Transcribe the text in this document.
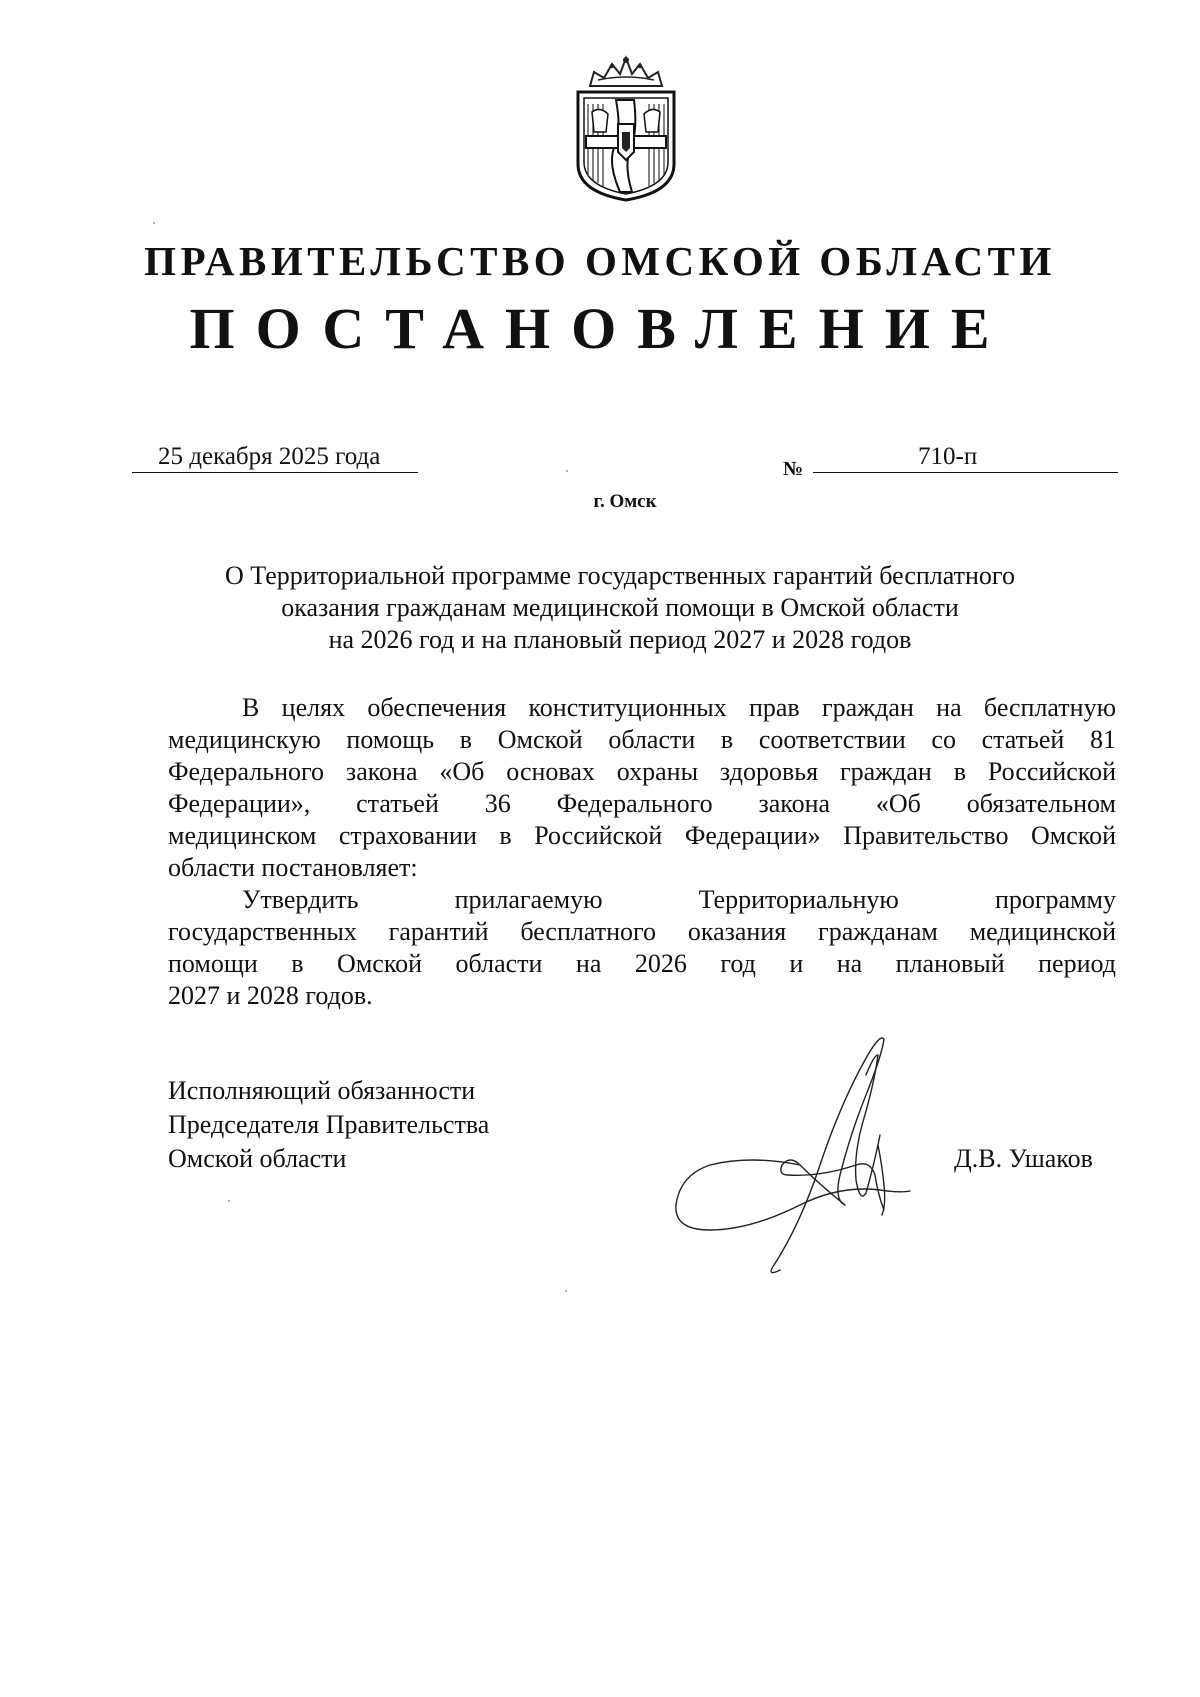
ПРАВИТЕЛЬСТВО ОМСКОЙ ОБЛАСТИ
ПОСТАНОВЛЕНИЕ
25 декабря 2025 года	№	710-п
г. Омск
О Территориальной программе государственных гарантий бесплатного
оказания гражданам медицинской помощи в Омской области
на 2026 год и на плановый период 2027 и 2028 годов
В целях обеспечения конституционных прав граждан на бесплатную
медицинскую помощь в Омской области в соответствии со статьей 81
Федерального закона «Об основах охраны здоровья граждан в Российской
Федерации», статьей 36 Федерального закона «Об обязательном
медицинском страховании в Российской Федерации» Правительство Омской
области постановляет:
Утвердить прилагаемую Территориальную программу
государственных гарантий бесплатного оказания гражданам медицинской
помощи в Омской области на 2026 год и на плановый период
2027 и 2028 годов.
Исполняющий обязанности
Председателя Правительства
Омской области	Д.В. Ушаков
